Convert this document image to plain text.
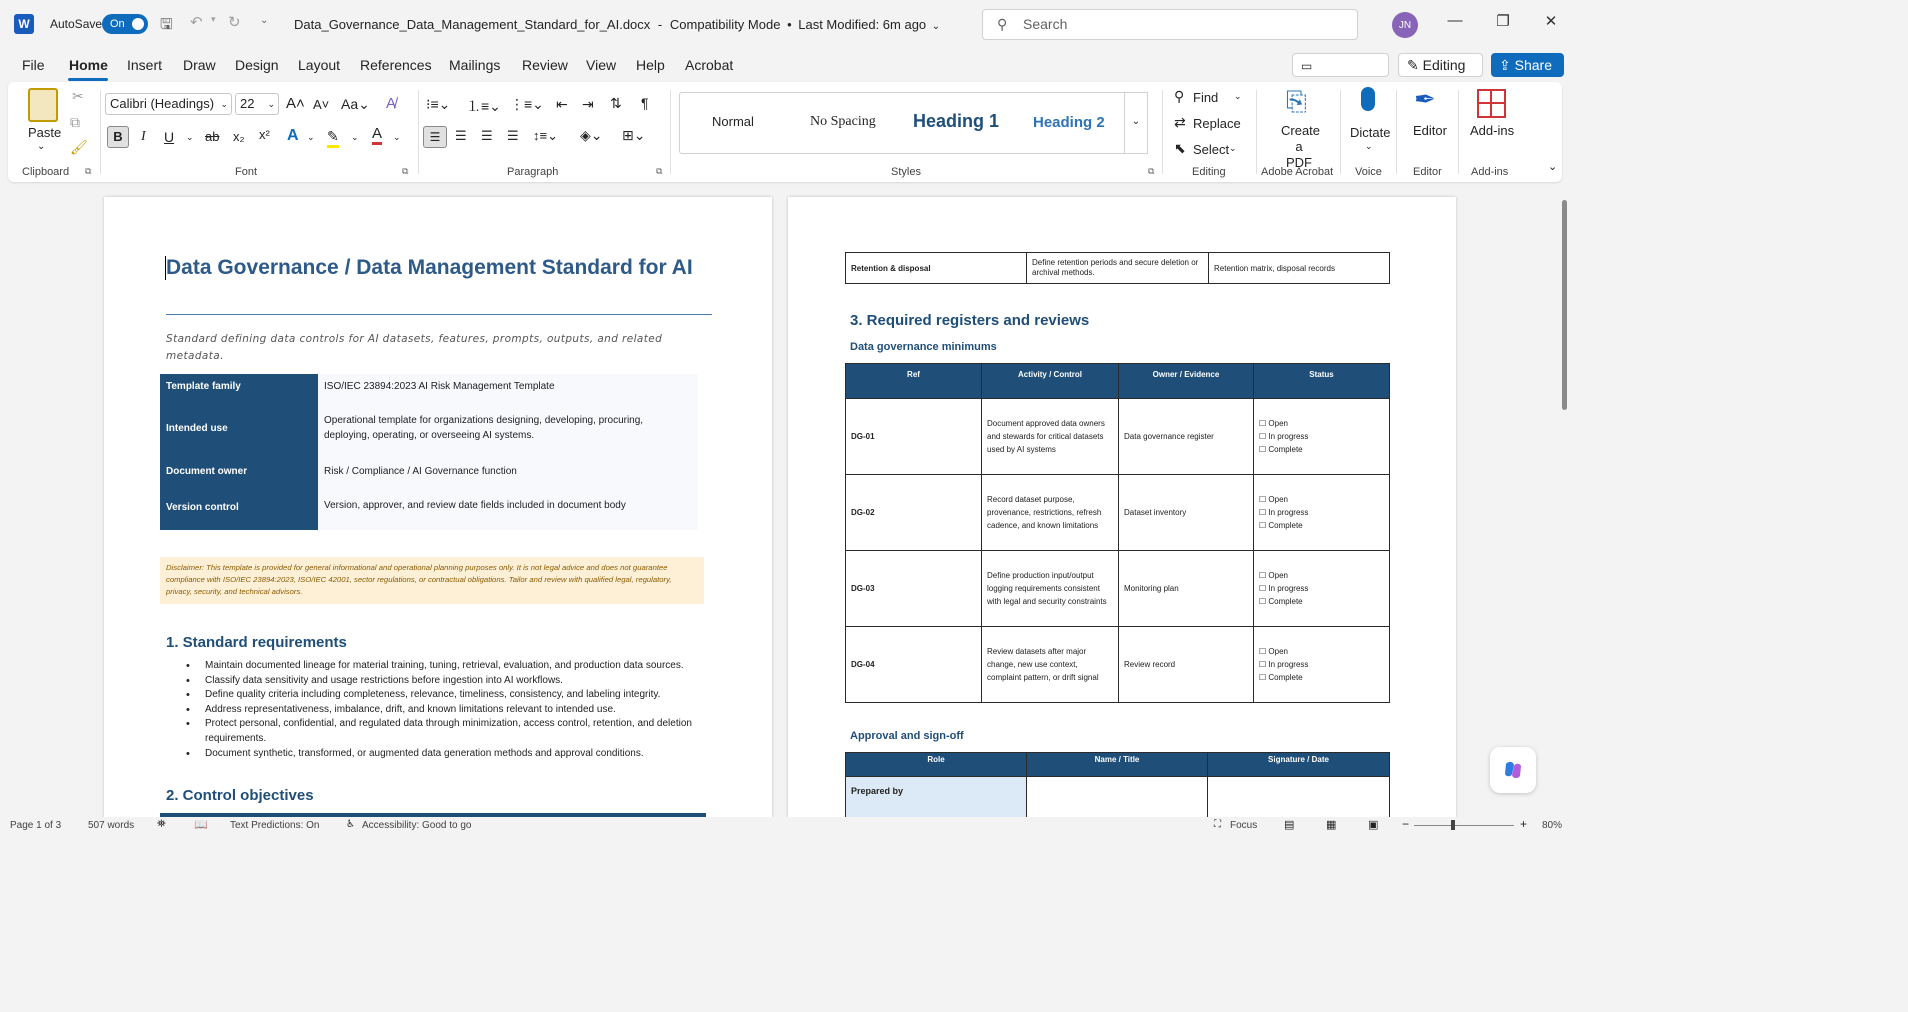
W	AutoSave On	🖫 ↶ ▾ ↻ ⌄ Data_Governance_Data_Management_Standard_for_AI.docx - Compatibility Mode • Last Modified: 6m ago ⌄	⚲ Search	JN	—	❐	✕
File Home Insert Draw Design Layout References Mailings Review View Help Acrobat	▭	✎ Editing	⇪ Share
Paste
⌄
✂
⧉
🖌
Clipboard ⧉
Calibri (Headings) ⌄ 22 ⌄ A˄ A˅ Aa⌄ A̸
B	I U ⌄ ab x₂ x² A ⌄ ✎ ⌄ A ⌄
Font	⧉
⁝≡⌄ ⒈≡⌄ ⋮≡⌄ ⇤ ⇥ ⇅ ¶
☰	☰ ☰ ☰ ↕≡⌄ ◈⌄ ⊞⌄
Paragraph	⧉
Normal	No Spacing Heading 1 Heading 2	⌄
Styles	⧉
⚲ Find ⌄
⇄ Replace
⬉ Select ⌄
Editing
⎘
Create a PDF
Adobe Acrobat
Dictate
⌄
Voice
✒
Editor
Editor
Add-ins
Add-ins	⌄
Data Governance / Data Management Standard for AI
Standard defining data controls for AI datasets, features, prompts, outputs, and related metadata.
Template family	ISO/IEC 23894:2023 AI Risk Management Template
Intended use
Operational template for organizations designing, developing, procuring, deploying, operating, or overseeing AI systems.
Document owner	Risk / Compliance / AI Governance function
Version control	Version, approver, and review date fields included in document body
Disclaimer: This template is provided for general informational and operational planning purposes only. It is not legal advice and does not guarantee compliance with ISO/IEC 23894:2023, ISO/IEC 42001, sector regulations, or contractual obligations. Tailor and review with qualified legal, regulatory, privacy, security, and technical advisors.
1. Standard requirements
• Maintain documented lineage for material training, tuning, retrieval, evaluation, and production data sources.
• Classify data sensitivity and usage restrictions before ingestion into AI workflows.
• Define quality criteria including completeness, relevance, timeliness, consistency, and labeling integrity.
• Address representativeness, imbalance, drift, and known limitations relevant to intended use.
• Protect personal, confidential, and regulated data through minimization, access control, retention, and deletion requirements.
• Document synthetic, transformed, or augmented data generation methods and approval conditions.
2. Control objectives
Retention & disposal	Define retention periods and secure deletion or archival methods.	Retention matrix, disposal records
3. Required registers and reviews
Data governance minimums
Ref	Activity / Control	Owner / Evidence	Status
DG-01	Document approved data owners and stewards for critical datasets used by AI systems	Data governance register	☐ Open
☐ In progress
☐ Complete

DG-02	Record dataset purpose, provenance, restrictions, refresh cadence, and known limitations	Dataset inventory	☐ Open
☐ In progress
☐ Complete

DG-03	Define production input/output logging requirements consistent with legal and security constraints	Monitoring plan	☐ Open
☐ In progress
☐ Complete

DG-04	Review datasets after major change, new use context, complaint pattern, or drift signal	Review record	☐ Open
☐ In progress
☐ Complete
Approval and sign-off
Role	Name / Title	Signature / Date
Prepared by		
Page 1 of 3	507 words ⛯	📖 Text Predictions: On	♿ Accessibility: Good to go	⛶ Focus ▤	▦	▣ −	+ 80%
